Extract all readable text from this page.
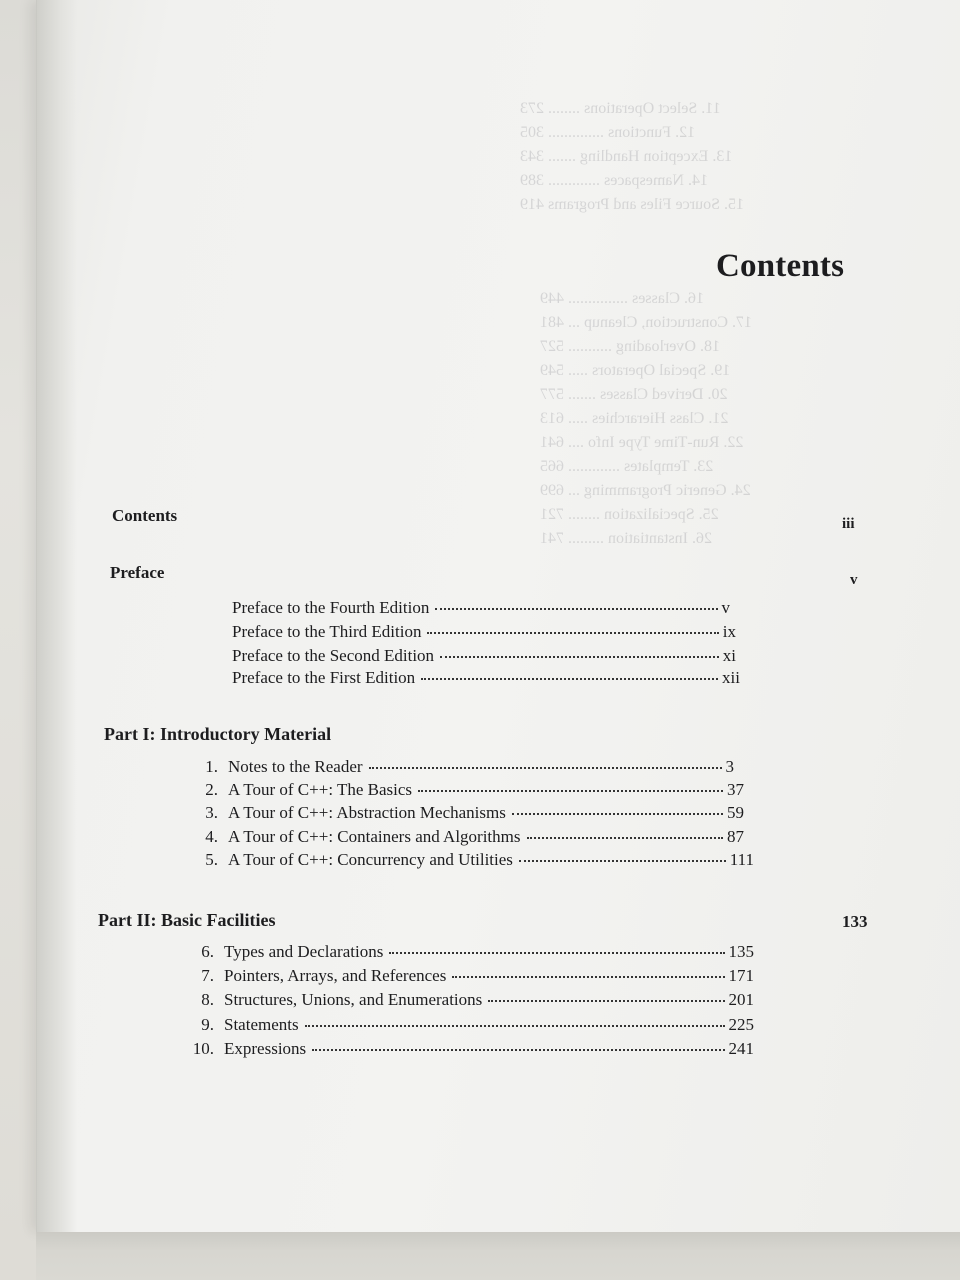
11. Select Operations ........ 273
12. Functions .............. 305
13. Exception Handling ....... 343
14. Namespaces ............. 389
15. Source Files and Programs 419
16. Classes ............... 449
17. Construction, Cleanup ... 481
18. Overloading ........... 527
19. Special Operators ..... 549
20. Derived Classes ....... 577
21. Class Hierarchies ..... 613
22. Run-Time Type Info .... 641
23. Templates ............. 665
24. Generic Programming ... 699
25. Specialization ........ 721
26. Instantiation ......... 741
Contents
Contents	iii
Preface	v
Preface to the Fourth Edition	v
Preface to the Third Edition	ix
Preface to the Second Edition	xi
Preface to the First Edition	xii
Part I: Introductory Material
1. Notes to the Reader	3
2. A Tour of C++: The Basics	37
3. A Tour of C++: Abstraction Mechanisms	59
4. A Tour of C++: Containers and Algorithms	87
5. A Tour of C++: Concurrency and Utilities	111
Part II: Basic Facilities	133
6. Types and Declarations	135
7. Pointers, Arrays, and References	171
8. Structures, Unions, and Enumerations	201
9. Statements	225
10. Expressions	241
